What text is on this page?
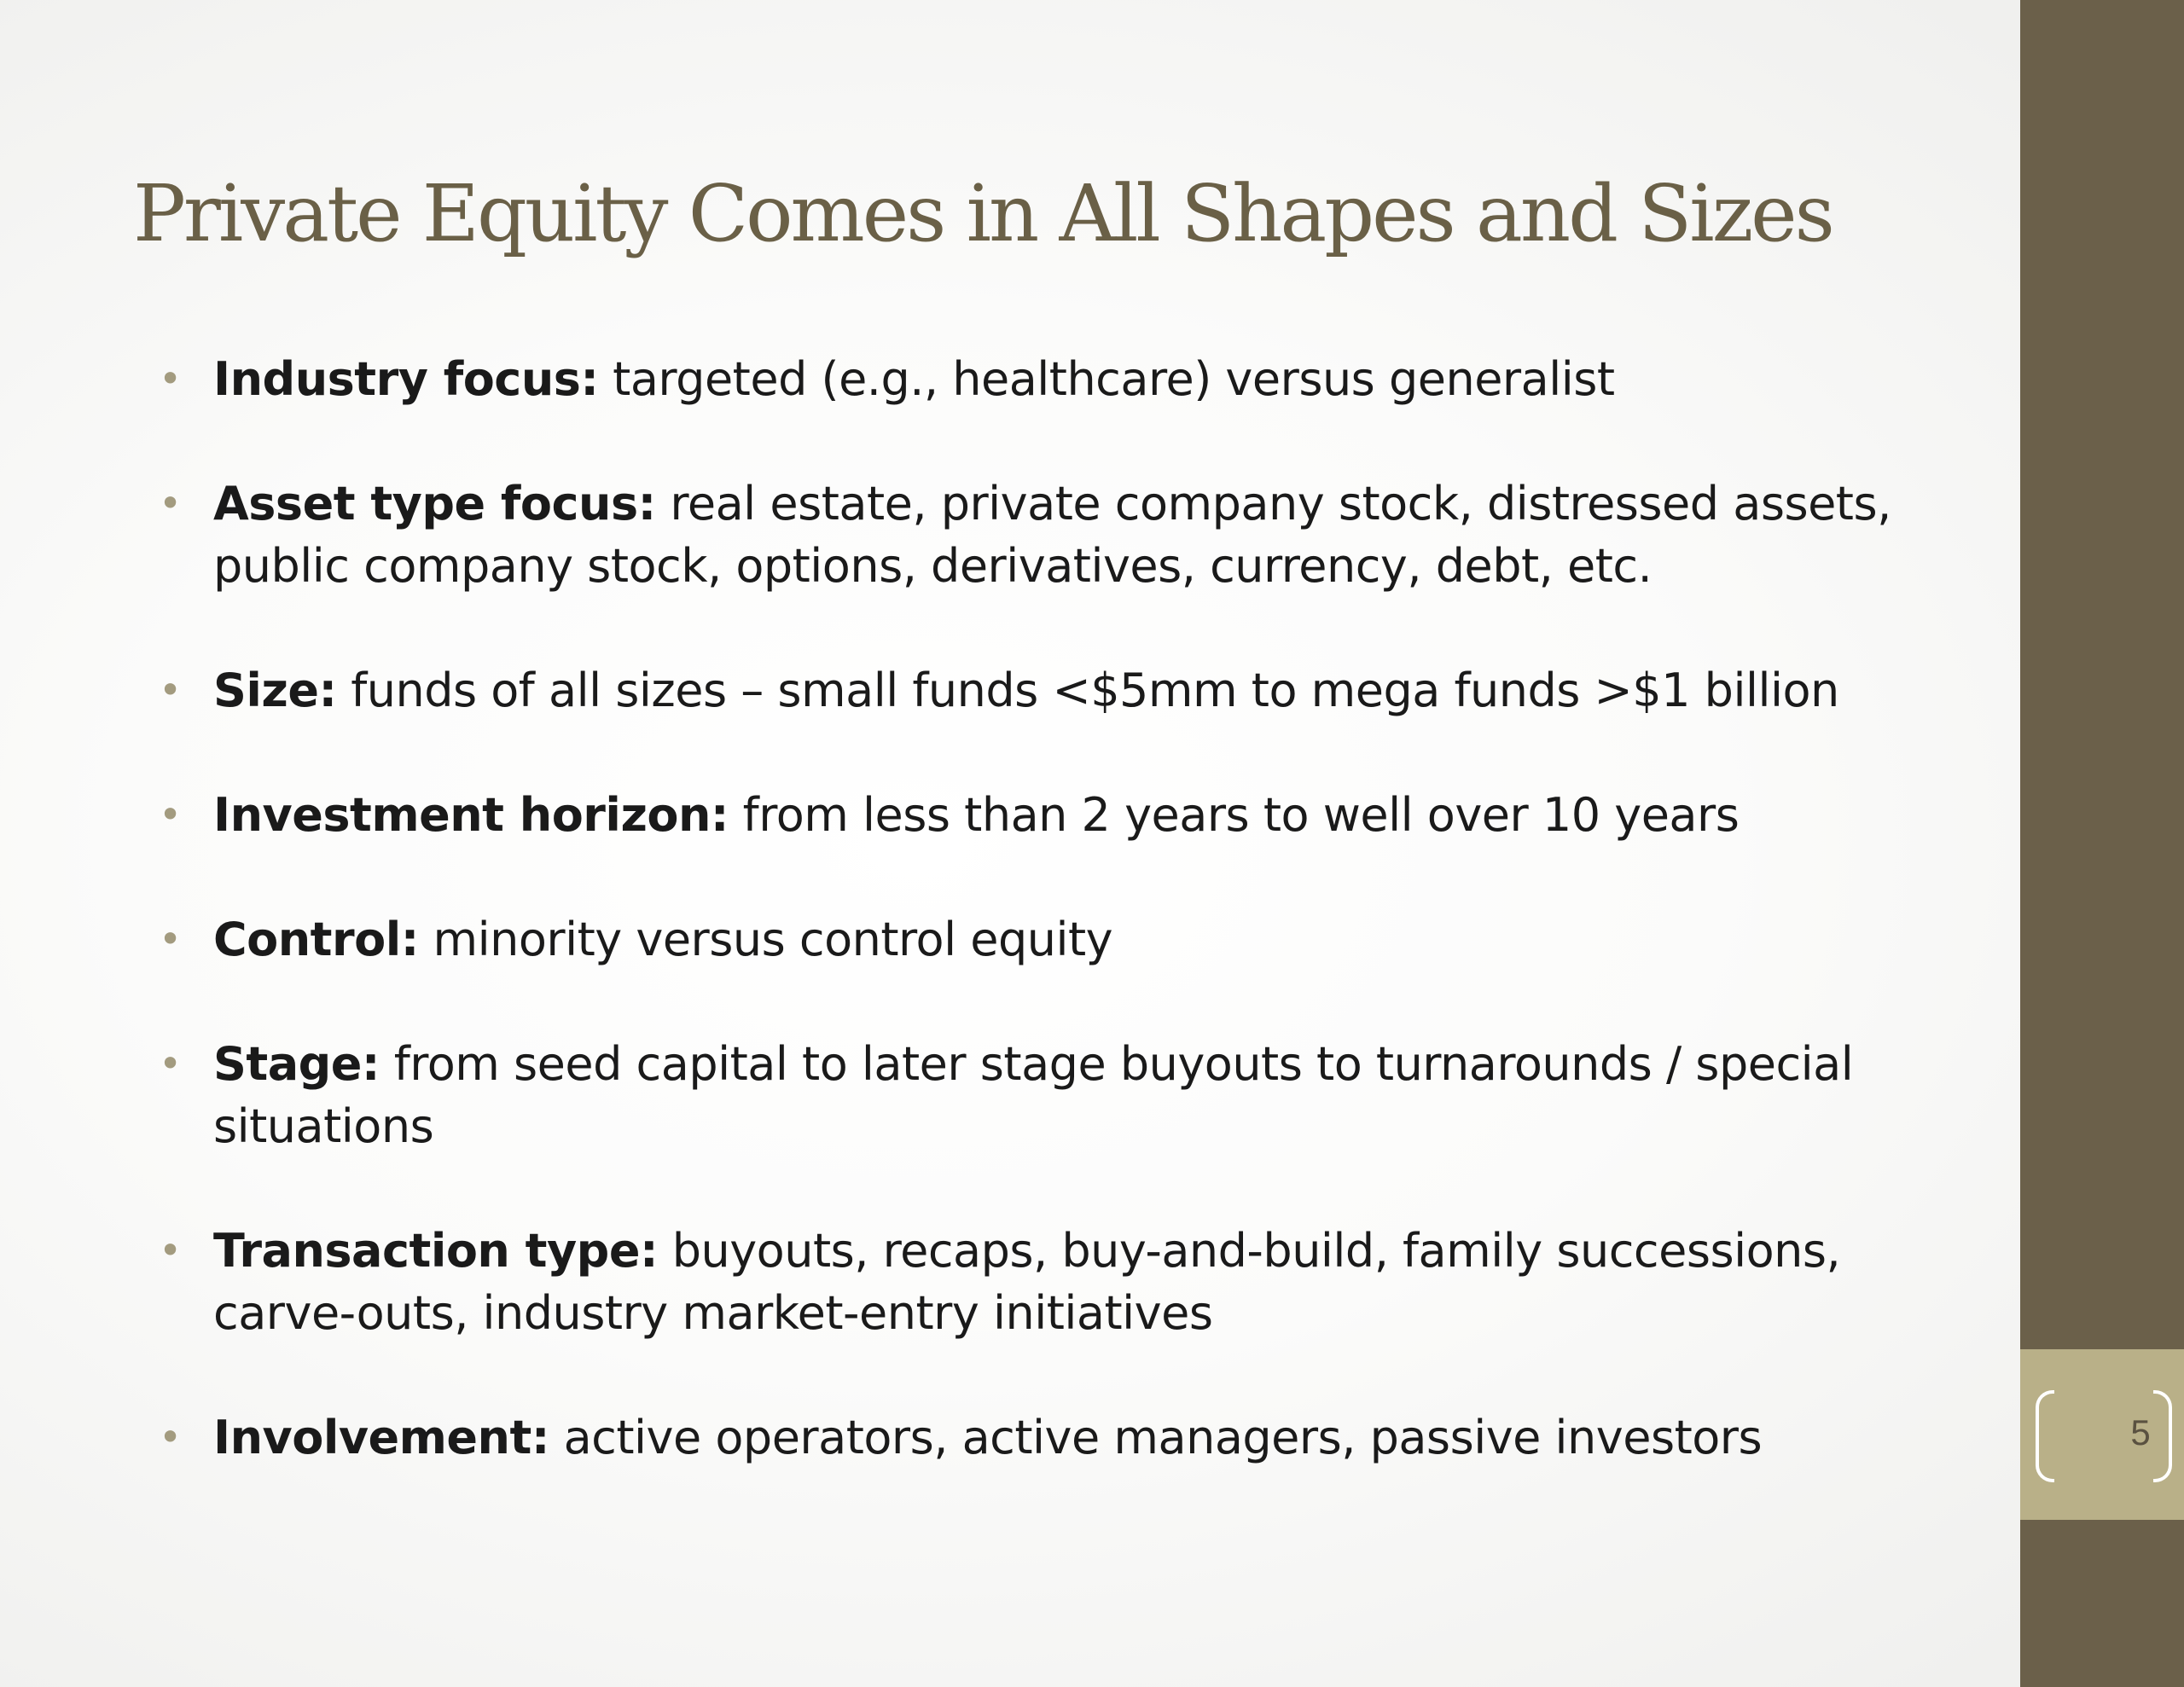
Private Equity Comes in All Shapes and Sizes
• Industry focus: targeted (e.g., healthcare) versus generalist
• Asset type focus: real estate, private company stock, distressed assets, public company stock, options, derivatives, currency, debt, etc.
• Size: funds of all sizes – small funds <$5mm to mega funds >$1 billion
• Investment horizon: from less than 2 years to well over 10 years
• Control: minority versus control equity
• Stage: from seed capital to later stage buyouts to turnarounds / special situations
• Transaction type: buyouts, recaps, buy-and-build, family successions, carve-outs, industry market-entry initiatives
• Involvement: active operators, active managers, passive investors	5
